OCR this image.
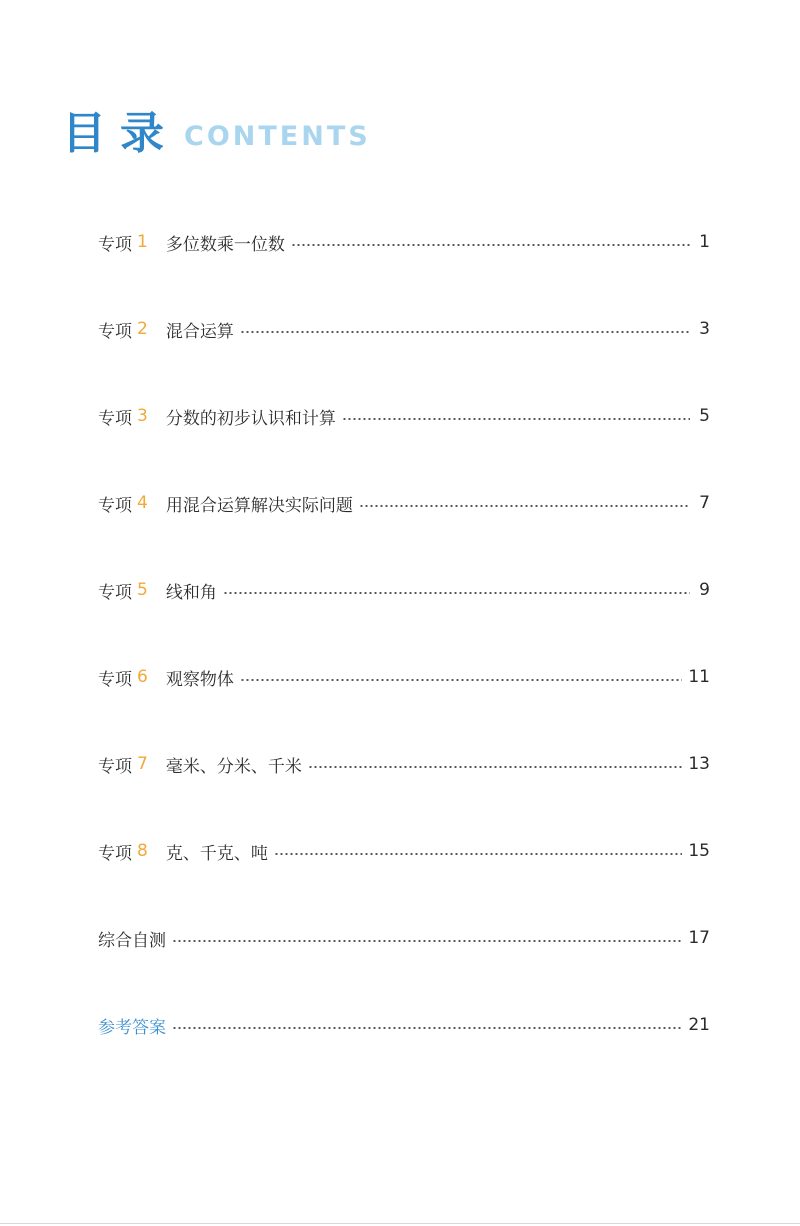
目录 CONTENTS
专项 1 多位数乘一位数	1
专项 2 混合运算	3
专项 3 分数的初步认识和计算	5
专项 4 用混合运算解决实际问题	7
专项 5 线和角	9
专项 6 观察物体	11
专项 7 毫米、分米、千米	13
专项 8 克、千克、吨	15
综合自测	17
参考答案	21
